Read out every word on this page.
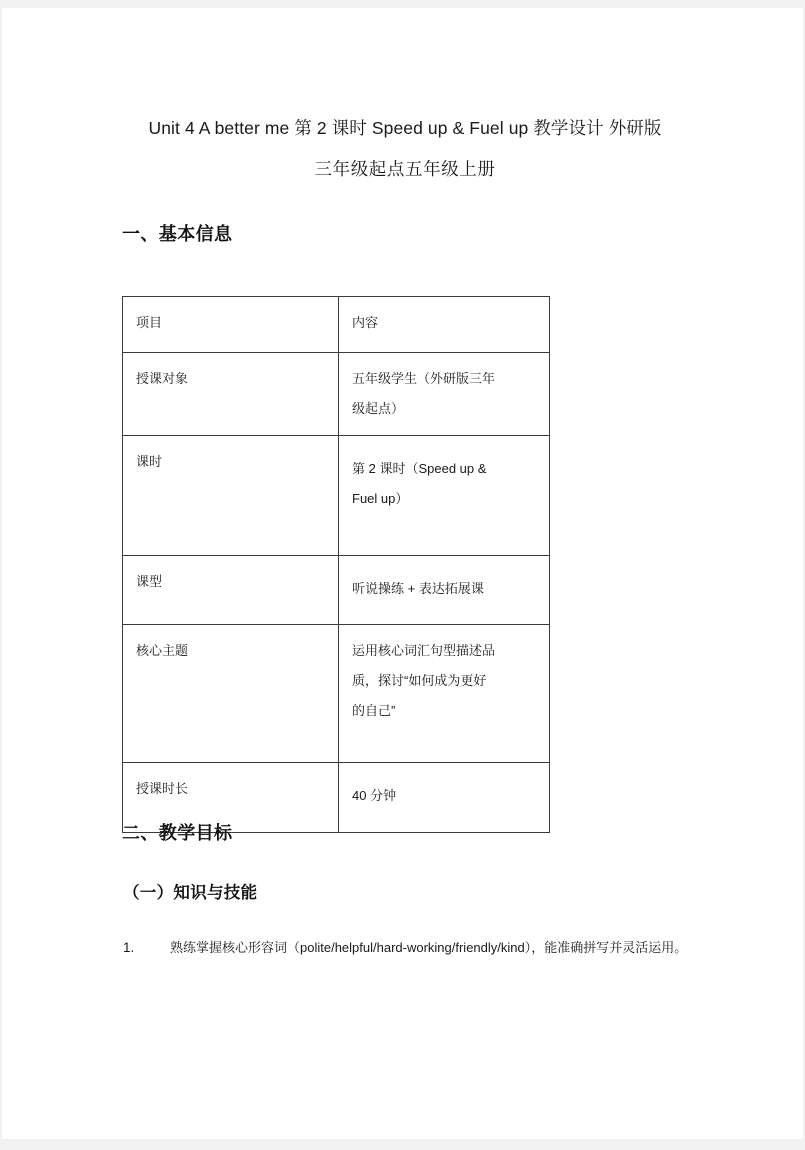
Unit 4 A better me 第 2 课时 Speed up & Fuel up 教学设计 外研版
三年级起点五年级上册
一、基本信息
项目	内容
授课对象	五年级学生（外研版三年
级起点）

课时	第 2 课时（Speed up &
Fuel up）

课型	听说操练 + 表达拓展课

核心主题	运用核心词汇句型描述品
质，探讨“如何成为更好
的自己”

授课时长	40 分钟
二、教学目标
（一）知识与技能
1.	熟练掌握核心形容词（polite/helpful/hard-working/friendly/kind），能准确拼写并灵活运用。
